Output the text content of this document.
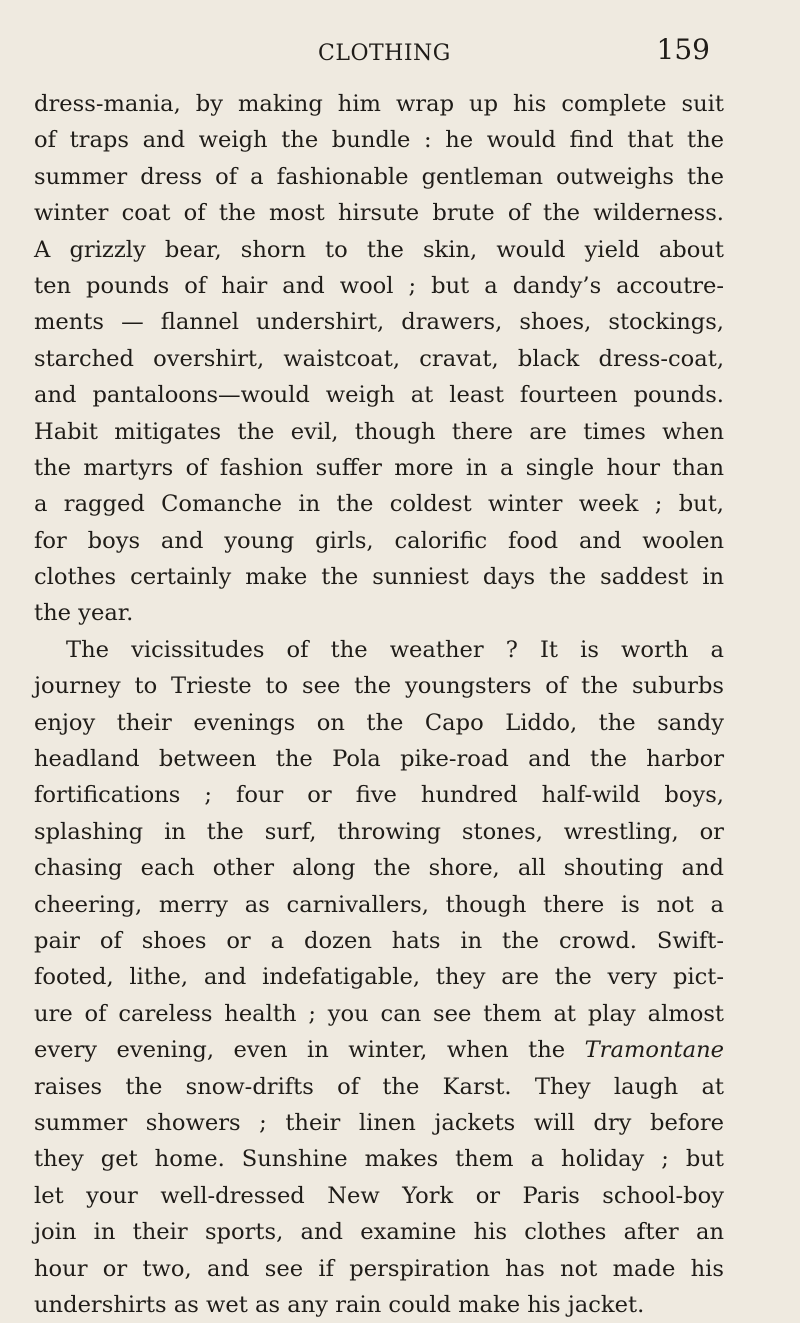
CLOTHING	159
dress-mania, by making him wrap up his complete suit
of traps and weigh the bundle : he would find that the
summer dress of a fashionable gentleman outweighs the
winter coat of the most hirsute brute of the wilderness.
A grizzly bear, shorn to the skin, would yield about
ten pounds of hair and wool ; but a dandy’s accoutre-
ments — flannel undershirt, drawers, shoes, stockings,
starched overshirt, waistcoat, cravat, black dress-coat,
and pantaloons—would weigh at least fourteen pounds.
Habit mitigates the evil, though there are times when
the martyrs of fashion suffer more in a single hour than
a ragged Comanche in the coldest winter week ; but,
for boys and young girls, calorific food and woolen
clothes certainly make the sunniest days the saddest in
the year.
The vicissitudes of the weather ? It is worth a
journey to Trieste to see the youngsters of the suburbs
enjoy their evenings on the Capo Liddo, the sandy
headland between the Pola pike-road and the harbor
fortifications ; four or five hundred half-wild boys,
splashing in the surf, throwing stones, wrestling, or
chasing each other along the shore, all shouting and
cheering, merry as carnivallers, though there is not a
pair of shoes or a dozen hats in the crowd. Swift-
footed, lithe, and indefatigable, they are the very pict-
ure of careless health ; you can see them at play almost
every evening, even in winter, when the Tramontane
raises the snow-drifts of the Karst. They laugh at
summer showers ; their linen jackets will dry before
they get home. Sunshine makes them a holiday ; but
let your well-dressed New York or Paris school-boy
join in their sports, and examine his clothes after an
hour or two, and see if perspiration has not made his
undershirts as wet as any rain could make his jacket.
